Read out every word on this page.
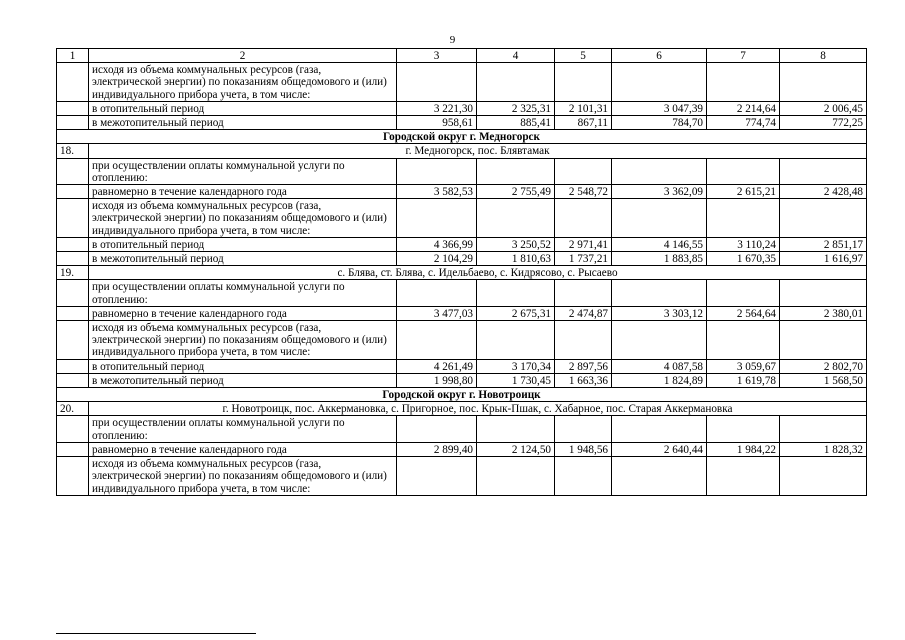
9
1	2	3	4	5	6	7	8
	исходя из объема коммунальных ресурсов (газа, электрической энергии) по показаниям общедомового и (или) индивидуального прибора учета, в том числе:						
	в отопительный период	3 221,30	2 325,31	2 101,31	3 047,39	2 214,64	2 006,45
	в межотопительный период	958,61	885,41	867,11	784,70	774,74	772,25
Городской округ г. Медногорск							
18.	г. Медногорск, пос. Блявтамак						
	при осуществлении оплаты коммунальной услуги по отоплению:						
	равномерно в течение календарного года	3 582,53	2 755,49	2 548,72	3 362,09	2 615,21	2 428,48
	исходя из объема коммунальных ресурсов (газа, электрической энергии) по показаниям общедомового и (или) индивидуального прибора учета, в том числе:						
	в отопительный период	4 366,99	3 250,52	2 971,41	4 146,55	3 110,24	2 851,17
	в межотопительный период	2 104,29	1 810,63	1 737,21	1 883,85	1 670,35	1 616,97
19.	с. Блява, ст. Блява, с. Идельбаево, с. Кидрясово, с. Рысаево						
	при осуществлении оплаты коммунальной услуги по отоплению:						
	равномерно в течение календарного года	3 477,03	2 675,31	2 474,87	3 303,12	2 564,64	2 380,01
	исходя из объема коммунальных ресурсов (газа, электрической энергии) по показаниям общедомового и (или) индивидуального прибора учета, в том числе:						
	в отопительный период	4 261,49	3 170,34	2 897,56	4 087,58	3 059,67	2 802,70
	в межотопительный период	1 998,80	1 730,45	1 663,36	1 824,89	1 619,78	1 568,50
Городской округ г. Новотроицк							
20.	г. Новотроицк, пос. Аккермановка, с. Пригорное, пос. Крык-Пшак, с. Хабарное, пос. Старая Аккермановка						
	при осуществлении оплаты коммунальной услуги по отоплению:						
	равномерно в течение календарного года	2 899,40	2 124,50	1 948,56	2 640,44	1 984,22	1 828,32
	исходя из объема коммунальных ресурсов (газа, электрической энергии) по показаниям общедомового и (или) индивидуального прибора учета, в том числе:						
